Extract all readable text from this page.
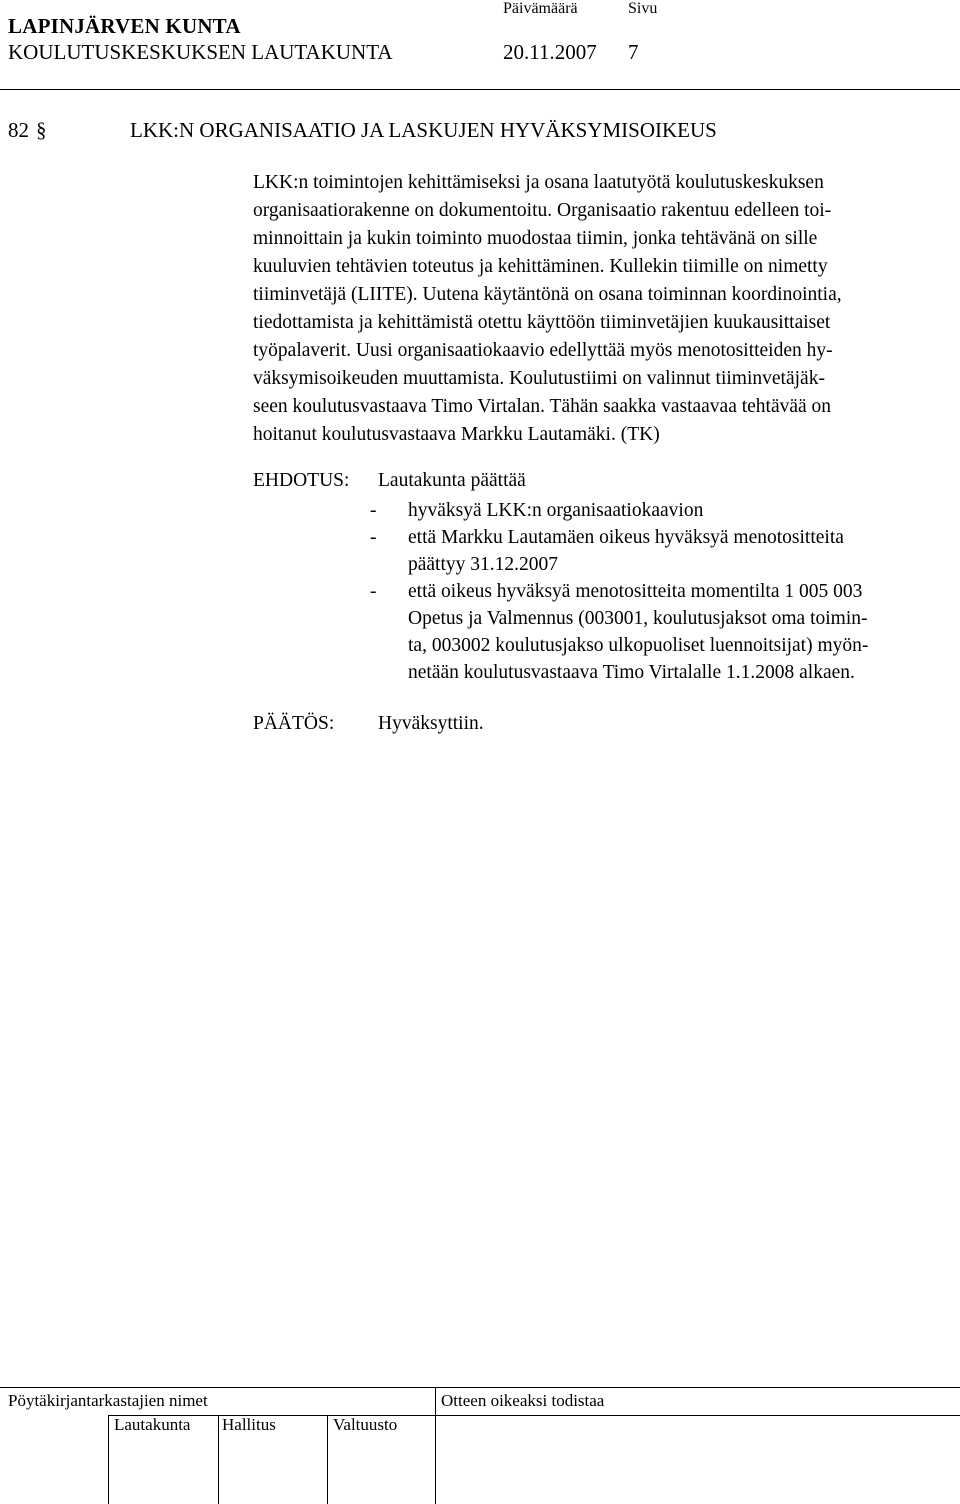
LAPINJÄRVEN KUNTA
KOULUTUSKESKUKSEN LAUTAKUNTA
Päivämäärä	Sivu
20.11.2007 7
82 §	LKK:N ORGANISAATIO JA LASKUJEN HYVÄKSYMISOIKEUS
LKK:n toimintojen kehittämiseksi ja osana laatutyötä koulutuskeskuksen
organisaatiorakenne on dokumentoitu. Organisaatio rakentuu edelleen toi-
minnoittain ja kukin toiminto muodostaa tiimin, jonka tehtävänä on sille
kuuluvien tehtävien toteutus ja kehittäminen. Kullekin tiimille on nimetty
tiiminvetäjä (LIITE). Uutena käytäntönä on osana toiminnan koordinointia,
tiedottamista ja kehittämistä otettu käyttöön tiiminvetäjien kuukausittaiset
työpalaverit. Uusi organisaatiokaavio edellyttää myös menotositteiden hy-
väksymisoikeuden muuttamista. Koulutustiimi on valinnut tiiminvetäjäk-
seen koulutusvastaava Timo Virtalan. Tähän saakka vastaavaa tehtävää on
hoitanut koulutusvastaava Markku Lautamäki. (TK)
EHDOTUS: Lautakunta päättää
- hyväksyä LKK:n organisaatiokaavion
- että Markku Lautamäen oikeus hyväksyä menotositteita
päättyy 31.12.2007
- että oikeus hyväksyä menotositteita momentilta 1 005 003
Opetus ja Valmennus (003001, koulutusjaksot oma toimin-
ta, 003002 koulutusjakso ulkopuoliset luennoitsijat) myön-
netään koulutusvastaava Timo Virtalalle 1.1.2008 alkaen.
PÄÄTÖS: Hyväksyttiin.
Pöytäkirjantarkastajien nimet	Otteen oikeaksi todistaa
Lautakunta Hallitus	Valtuusto
